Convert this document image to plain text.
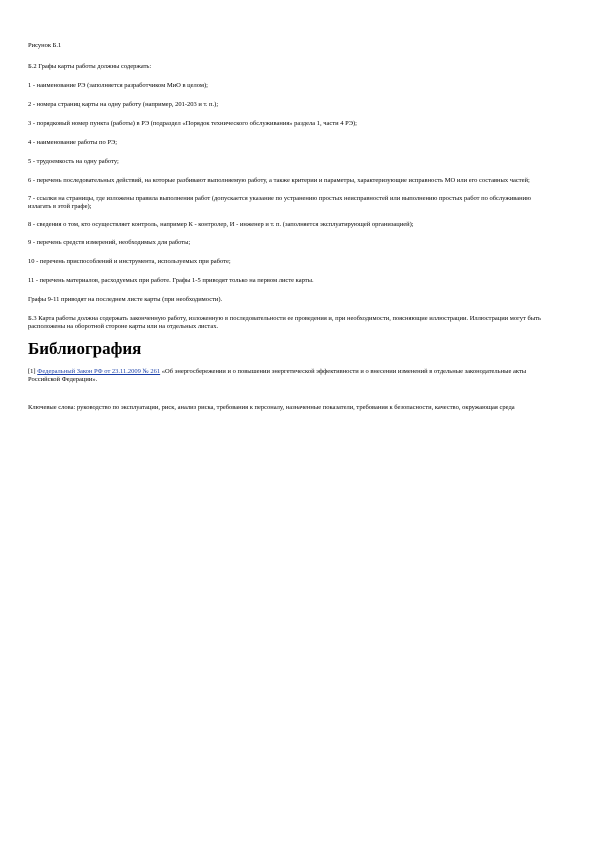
Рисунок Б.1

Б.2 Графы карты работы должны содержать:

1 - наименование РЭ (заполняется разработчиком МиО в целом);

2 - номера страниц карты на одну работу (например, 201-203 и т. п.);

3 - порядковый номер пункта (работы) в РЭ (подраздел «Порядок технического обслуживания» раздела 1, части 4 РЭ);

4 - наименование работы по РЭ;

5 - трудоемкость на одну работу;

6 - перечень последовательных действий, на которые разбивают выполняемую работу, а также критерии и параметры, характеризующие исправность МО или его составных частей;

7 - ссылки на страницы, где изложены правила выполнения работ (допускается указание по устранению простых неисправностей или выполнению простых работ по обслуживанию излагать в этой графе);

8 - сведения о том, кто осуществляет контроль, например К - контролер, И - инженер и т. п. (заполняется эксплуатирующей организацией);

9 - перечень средств измерений, необходимых для работы;

10 - перечень приспособлений и инструмента, используемых при работе;

11 - перечень материалов, расходуемых при работе. Графы 1-5 приводят только на первом листе карты.

Графы 9-11 приводят на последнем листе карты (при необходимости).

Б.3 Карта работы должна содержать законченную работу, изложенную в последовательности ее проведения и, при необходимости, поясняющие иллюстрации. Иллюстрации могут быть расположены на оборотной стороне карты или на отдельных листах.

Библиография

[1] Федеральный Закон РФ от 23.11.2009 № 261 «Об энергосбережении и о повышении энергетической эффективности и о внесении изменений в отдельные законодательные акты Российской Федерации».

Ключевые слова: руководство по эксплуатации, риск, анализ риска, требования к персоналу, назначенные показатели, требования к безопасности, качество, окружающая среда
